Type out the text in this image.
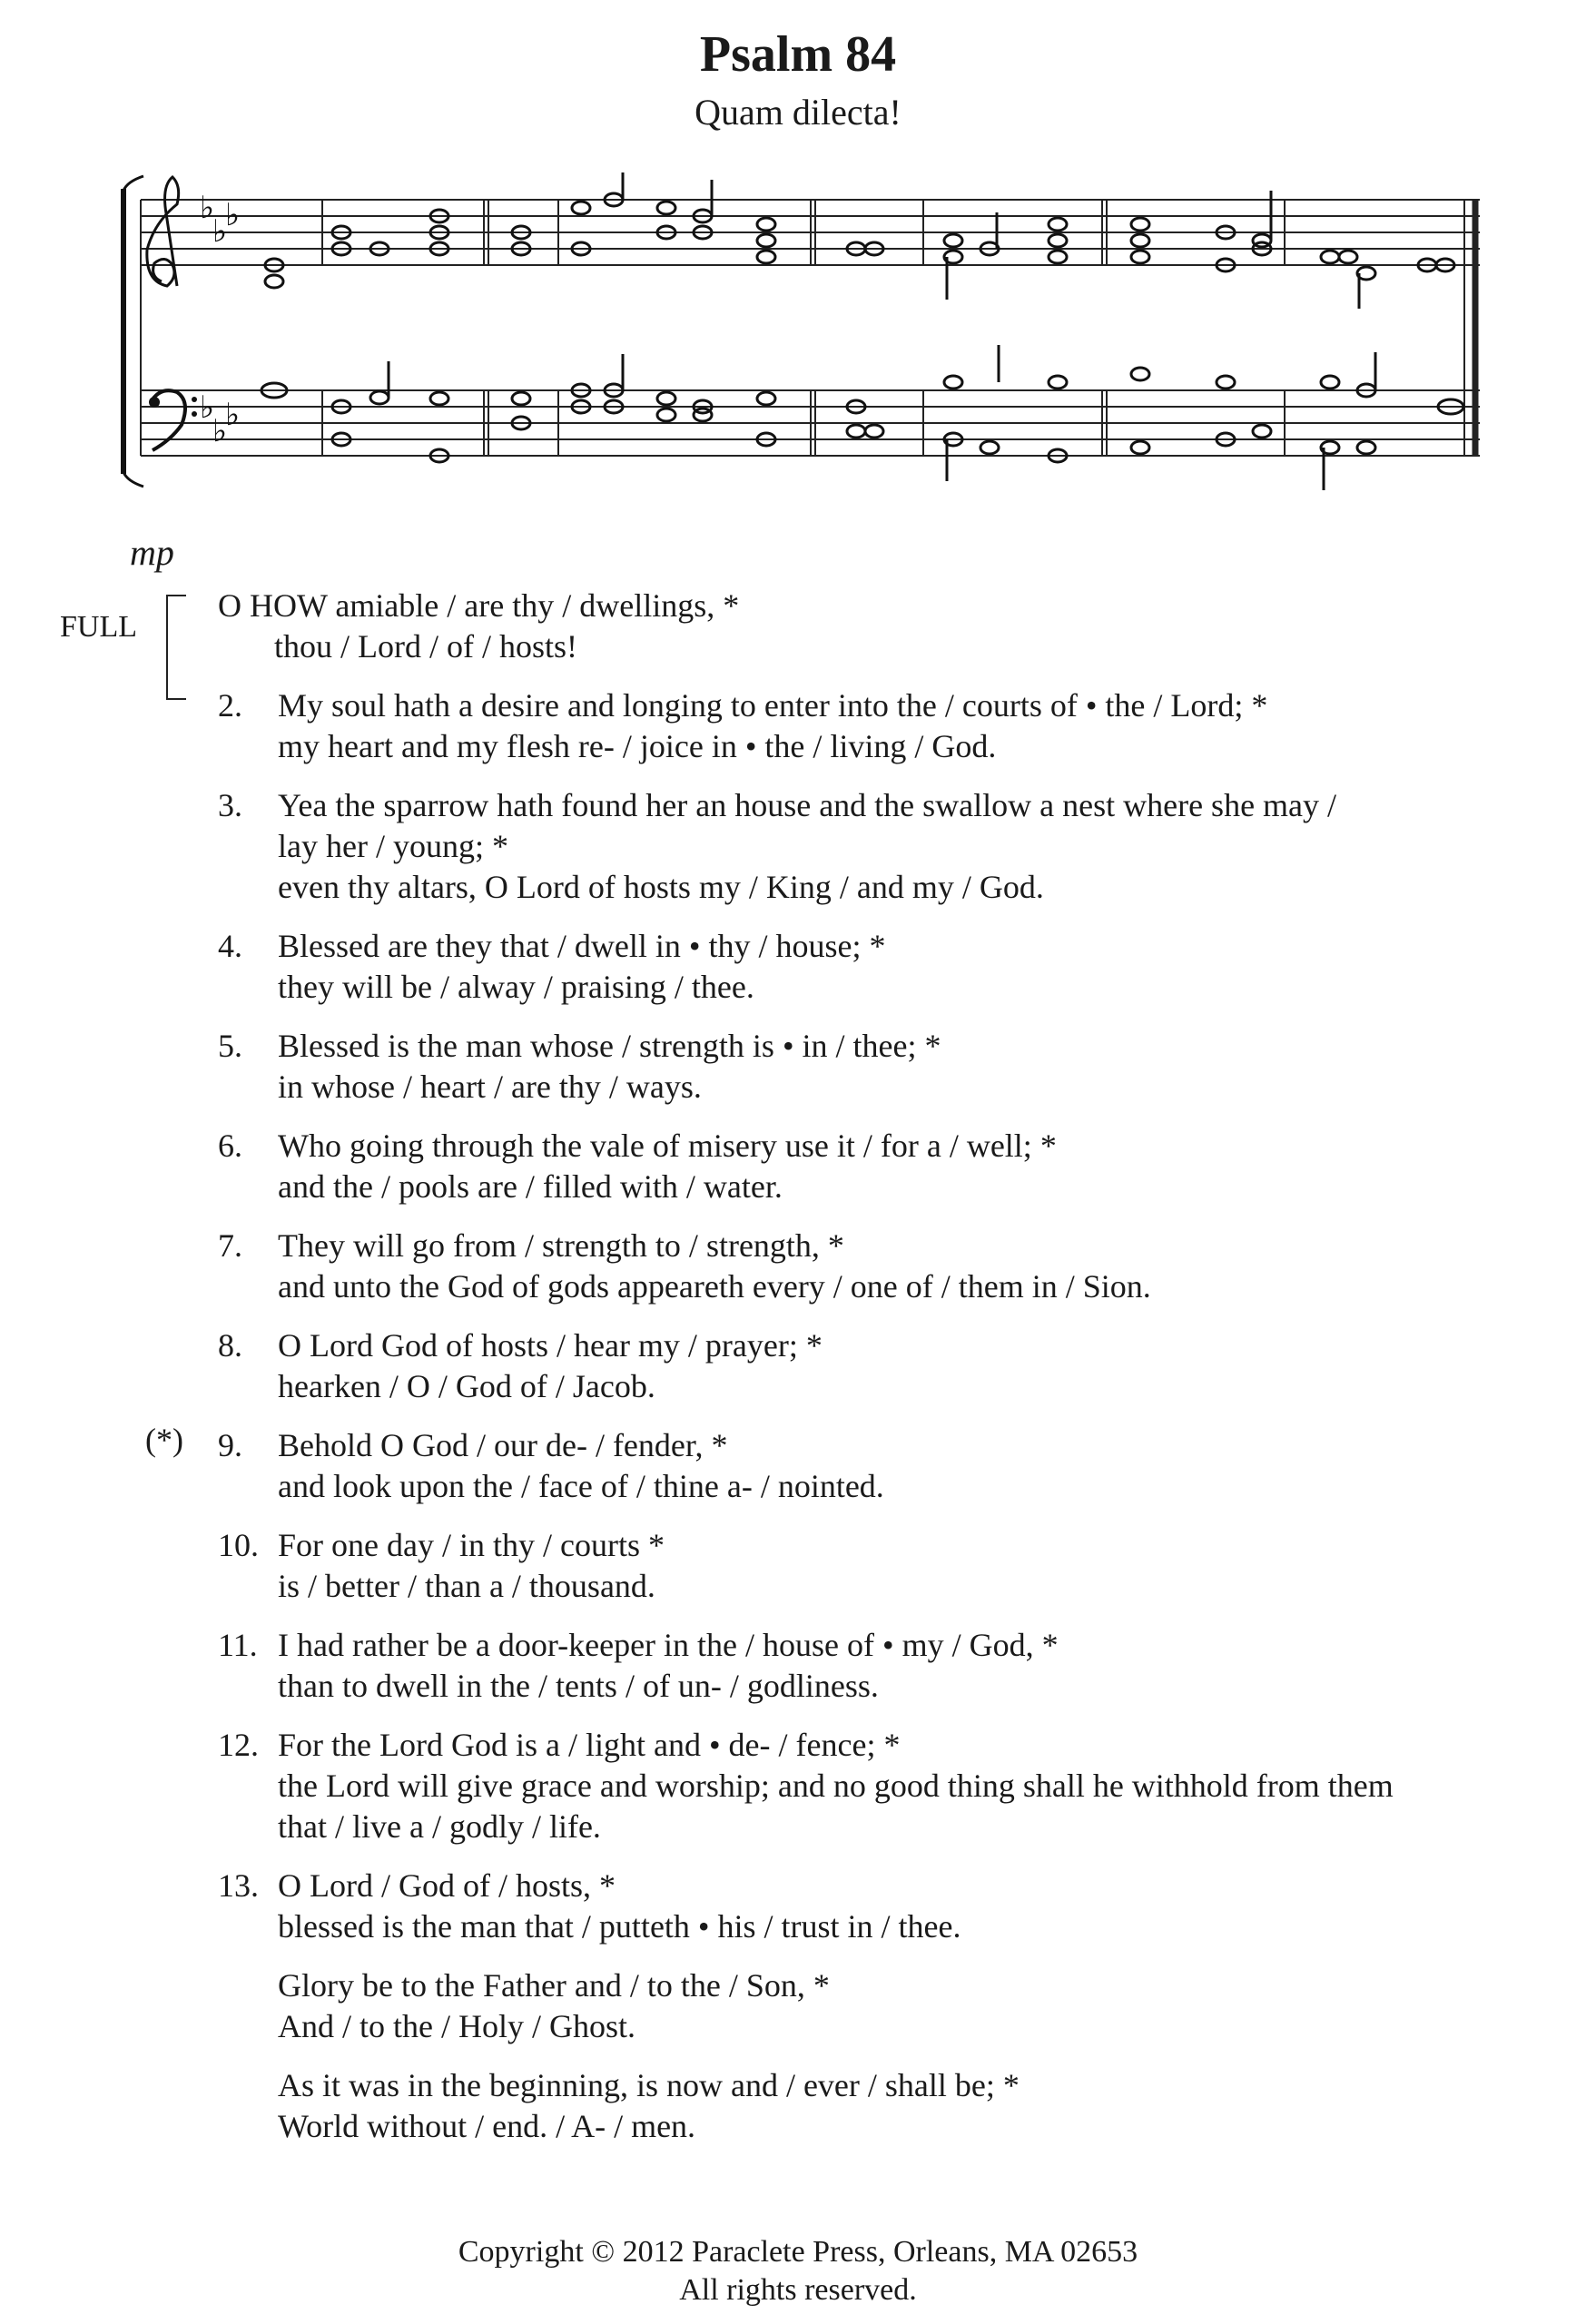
Psalm 84
Quam dilecta!
♭
♭
♭
♭
♭
♭
mp
FULL
(*)
O HOW amiable / are thy / dwellings, *
thou / Lord / of / hosts!
2. My soul hath a desire and longing to enter into the / courts of • the / Lord; *
my heart and my flesh re- / joice in • the / living / God.
3. Yea the sparrow hath found her an house and the swallow a nest where she may /
lay her / young; *
even thy altars, O Lord of hosts my / King / and my / God.
4. Blessed are they that / dwell in • thy / house; *
they will be / alway / praising / thee.
5. Blessed is the man whose / strength is • in / thee; *
in whose / heart / are thy / ways.
6. Who going through the vale of misery use it / for a / well; *
and the / pools are / filled with / water.
7. They will go from / strength to / strength, *
and unto the God of gods appeareth every / one of / them in / Sion.
8. O Lord God of hosts / hear my / prayer; *
hearken / O / God of / Jacob.
9. Behold O God / our de- / fender, *
and look upon the / face of / thine a- / nointed.
10. For one day / in thy / courts *
is / better / than a / thousand.
11. I had rather be a door-keeper in the / house of • my / God, *
than to dwell in the / tents / of un- / godliness.
12. For the Lord God is a / light and • de- / fence; *
the Lord will give grace and worship; and no good thing shall he withhold from them
that / live a / godly / life.
13. O Lord / God of / hosts, *
blessed is the man that / putteth • his / trust in / thee.
Glory be to the Father and / to the / Son, *
And / to the / Holy / Ghost.
As it was in the beginning, is now and / ever / shall be; *
World without / end. / A- / men.
Copyright © 2012 Paraclete Press, Orleans, MA 02653
All rights reserved.
